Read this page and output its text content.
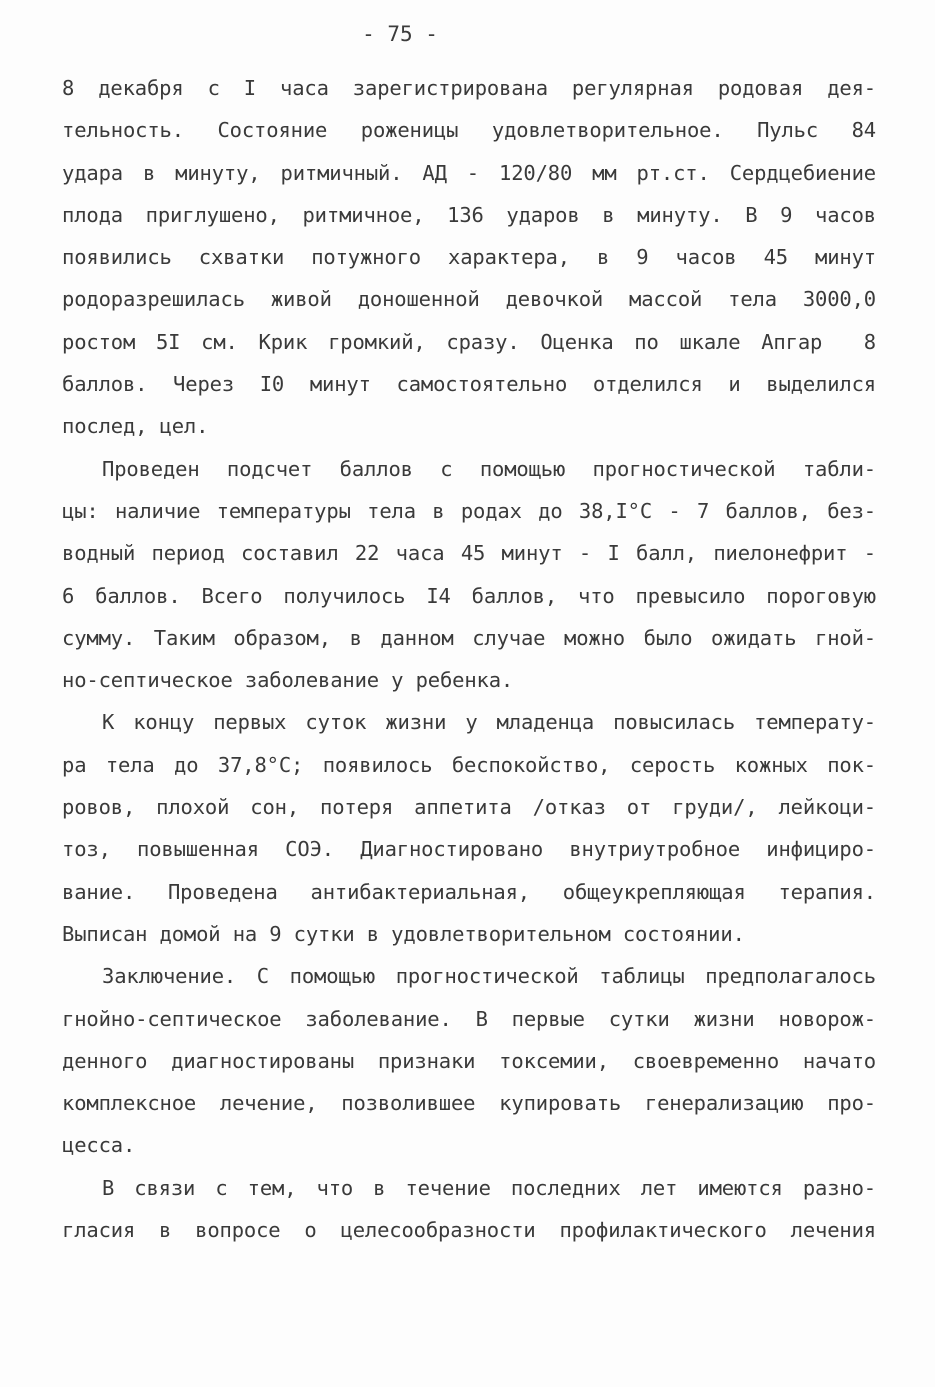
- 75 -
8 декабря с I часа зарегистрирована регулярная родовая дея-
тельность. Состояние роженицы удовлетворительное. Пульс 84
удара в минуту, ритмичный. АД - 120/80 мм рт.ст. Сердцебиение
плода приглушено, ритмичное, 136 ударов в минуту. В 9 часов
появились схватки потужного характера, в 9 часов 45 минут
родоразрешилась живой доношенной девочкой массой тела 3000,0
ростом 5I см. Крик громкий, сразу. Оценка по шкале Апгар  8
баллов. Через I0 минут самостоятельно отделился и выделился
послед, цел.
Проведен подсчет баллов с помощью прогностической табли-
цы: наличие температуры тела в родах до 38,I°C - 7 баллов, без-
водный период составил 22 часа 45 минут - I балл, пиелонефрит -
6 баллов. Всего получилось I4 баллов, что превысило пороговую
сумму. Таким образом, в данном случае можно было ожидать гной-
но-септическое заболевание у ребенка.
К концу первых суток жизни у младенца повысилась температу-
ра тела до 37,8°C; появилось беспокойство, серость кожных пок-
ровов, плохой сон, потеря аппетита /отказ от груди/, лейкоци-
тоз, повышенная СОЭ. Диагностировано внутриутробное инфициро-
вание. Проведена антибактериальная, общеукрепляющая терапия.
Выписан домой на 9 сутки в удовлетворительном состоянии.
Заключение. С помощью прогностической таблицы предполагалось
гнойно-септическое заболевание. В первые сутки жизни новорож-
денного диагностированы признаки токсемии, своевременно начато
комплексное лечение, позволившее купировать генерализацию про-
цесса.
В связи с тем, что в течение последних лет имеются разно-
гласия в вопросе о целесообразности профилактического лечения
